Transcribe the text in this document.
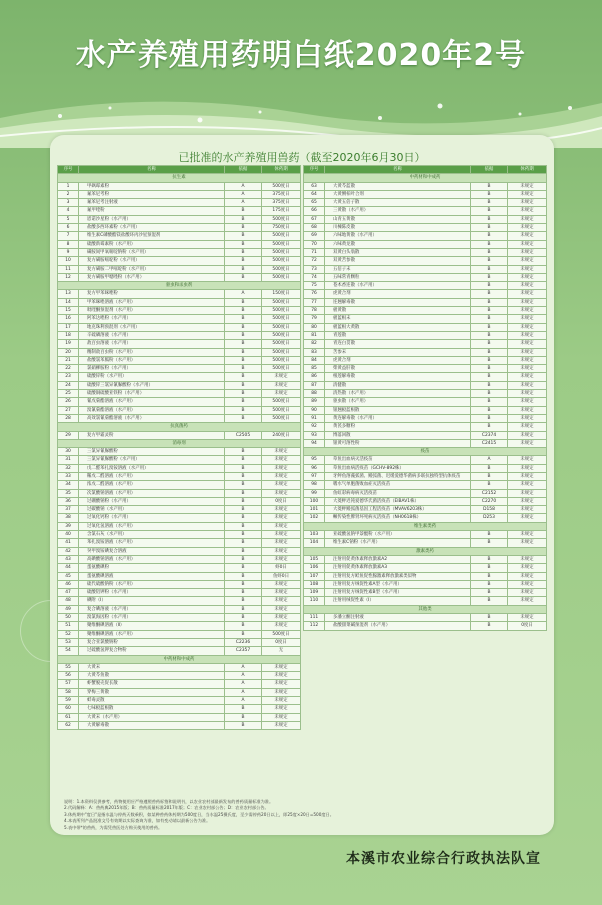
水产养殖用药明白纸2020年2号
已批准的水产养殖用兽药（截至2020年6月30日）
序号	名称	依据	休药期
抗生素			
1	甲砜霉素粉	A	500度日
2	氟苯尼考粉	A	375度日
3	氟苯尼考注射液	A	375度日
4	氟甲喹粉	B	175度日
5	恩诺沙星粉（水产用）	B	500度日
6	盐酸多西环素粉（水产用）	B	750度日
7	维生素C磷酸酯镁盐酸环丙沙星预混剂	B	500度日
8	硫酸新霉素粉（水产用）	B	500度日
9	磺胺间甲氧嘧啶钠粉（水产用）	B	500度日
10	复方磺胺嘧啶粉（水产用）	B	500度日
11	复方磺胺二甲嘧啶粉（水产用）	B	500度日
12	复方磺胺甲噁唑粉（水产用）	B	500度日
驱虫和杀虫剂			
13	复方甲苯咪唑粉	A	150度日
14	甲苯咪唑溶液（水产用）	B	500度日
15	吡喹酮预混剂（水产用）	B	500度日
16	阿苯达唑粉（水产用）	B	500度日
17	地克珠利预混剂（水产用）	B	500度日
18	辛硫磷溶液（水产用）	B	500度日
19	敌百虫溶液（水产用）	B	500度日
20	精制敌百虫粉（水产用）	B	500度日
21	盐酸氯苯胍粉（水产用）	B	500度日
22	氯硝柳胺粉（水产用）	B	500度日
23	硫酸锌粉（水产用）	B	未规定
24	硫酸锌三氯异氰脲酸粉（水产用）	B	未规定
25	硫酸铜硫酸亚铁粉（水产用）	B	未规定
26	氰戊菊酯溶液（水产用）	B	500度日
27	溴氰菊酯溶液（水产用）	B	500度日
28	高效氯氰菊酯溶液（水产用）	B	500度日
抗真菌药			
29	复方甲霜灵粉	C2505	240度日
消毒剂			
30	三氯异氰脲酸粉	B	未规定
31	三氯异氰脲酸粉（水产用）	B	未规定
32	戊二醛苯扎溴铵溶液（水产用）	B	未规定
33	稀戊二醛溶液（水产用）	B	未规定
34	浓戊二醛溶液（水产用）	B	未规定
35	次氯酸钠溶液（水产用）	B	未规定
36	过硼酸钠粉（水产用）	B	0度日
37	过碳酸钠（水产用）	B	未规定
38	过氧化钙粉（水产用）	B	未规定
39	过氧化氢溶液（水产用）	B	未规定
40	含氯石灰（水产用）	B	未规定
41	苯扎溴铵溶液（水产用）	B	未规定
42	癸甲溴铵碘复合溶液	B	未规定
43	高碘酸钠溶液（水产用）	B	未规定
44	蛋氨酸碘粉	B	虾0日
45	蛋氨酸碘溶液	B	鱼虾0日
46	硫代硫酸钠粉（水产用）	B	未规定
47	硫酸铝钾粉（水产用）	B	未规定
48	碘附（Ⅰ）	B	未规定
49	复合碘溶液（水产用）	B	未规定
50	溴氯海因粉（水产用）	B	未规定
51	聚维酮碘溶液（Ⅱ）	B	未规定
52	聚维酮碘溶液（水产用）	B	500度日
53	复合亚氯酸钠粉	C2236	0度日
54	过硫酸氢钾复合物粉	C2357	无
中药材和中成药			
55	大黄末	A	未规定
56	大黄芩鱼散	A	未规定
57	虾蟹脱壳促长散	A	未规定
58	穿梅三黄散	A	未规定
59	蚌毒灵散	A	未规定
60	七味板蓝根散	B	未规定
61	大黄末（水产用）	B	未规定
62	大黄解毒散	B	未规定
序号	名称	依据	休药期
中药材和中成药			
63	大黄芩蓝散	B	未规定
64	大黄侧柏叶合剂	B	未规定
65	大黄五倍子散	B	未规定
66	三黄散（水产用）	B	未规定
67	山青五黄散	B	未规定
68	川楝陈皮散	B	未规定
69	六味地黄散（水产用）	B	未规定
70	六味黄龙散	B	未规定
71	双黄白头翁散	B	未规定
72	双黄苦参散	B	未规定
73	五倍子末	B	未规定
74	五味常青颗粒	B	未规定
75	苍术香连散（水产用）	B	未规定
76	虎黄合剂	B	未规定
77	连翘解毒散	B	未规定
78	板黄散	B	未规定
79	板蓝根末	B	未规定
80	板蓝根大黄散	B	未规定
81	青莲散	B	未规定
82	青连白贯散	B	未规定
83	苦参末	B	未规定
84	虎黄合剂	B	未规定
85	柴黄益肝散	B	未规定
86	根莲解毒散	B	未规定
87	清健散	B	未规定
88	清热散（水产用）	B	未规定
89	驱虫散（水产用）	B	未规定
90	银翘板蓝根散	B	未规定
91	黄连解毒散（水产用）	B	未规定
92	黄芪多糖粉	B	未规定
93	博落回散	C2374	未规定
94	银黄可溶性粉	C2415	未规定
疫苗			
95	草鱼出血病灭活疫苗	A	未规定
96	草鱼出血病活疫苗（GCHV-892株）	B	未规定
97	牙鲆鱼溶藻弧菌、鳗弧菌、迟缓爱德华菌病多联抗独特型抗体疫苗	B	未规定
98	嗜水气单胞菌败血症灭活疫苗	B	未规定
99	鱼虹彩病毒病灭活疫苗	C2152	未规定
100	大菱鲆迟钝爱德华氏菌活疫苗（EIBAV1株）	C2270	未规定
101	大菱鲆鳗弧菌基因工程活疫苗（MVAV6203株）	D158	未规定
102	鳜传染性脾肾坏死病灭活疫苗（NH0618株）	D253	未规定
维生素类药			
103	亚硫酸氢钠甲萘醌粉（水产用）	B	未规定
104	维生素C钠粉（水产用）	B	未规定
激素类药			
105	注射用促黄体素释放激素A2	B	未规定
106	注射用促黄体素释放激素A3	B	未规定
107	注射用复方鲑鱼促性腺激素释放激素类似物	B	未规定
108	注射用复方绒促性素A型（水产用）	B	未规定
109	注射用复方绒促性素B型（水产用）	B	未规定
110	注射用绒促性素（Ⅰ）	B	未规定
其他类			
111	多潘立酮注射液	B	未规定
112	盐酸甜菜碱预混剂（水产用）	B	0度日
说明：1.本资料仅供参考，药物使用应严格遵照兽药标签和说明书，以农业农村部最新发布的兽药质量标准为准。
2.代码解释：A：兽药典2015年版；B：兽药质量标准2017年版；C：农业农村部公告；D：农业农村部公告。
3.休药期中"度日"是指水温与停药天数乘积，如某种兽药休药期为500度日，当水温25摄氏度，至少需停药20日以上，即25度×20日=500度日。
4.本表所列产品批准文号有效期以实际查询为准，如有变动请以最新公告为准。
5.表中带*的兽药，为需凭兽医处方购买使用的兽药。
本溪市农业综合行政执法队宣
